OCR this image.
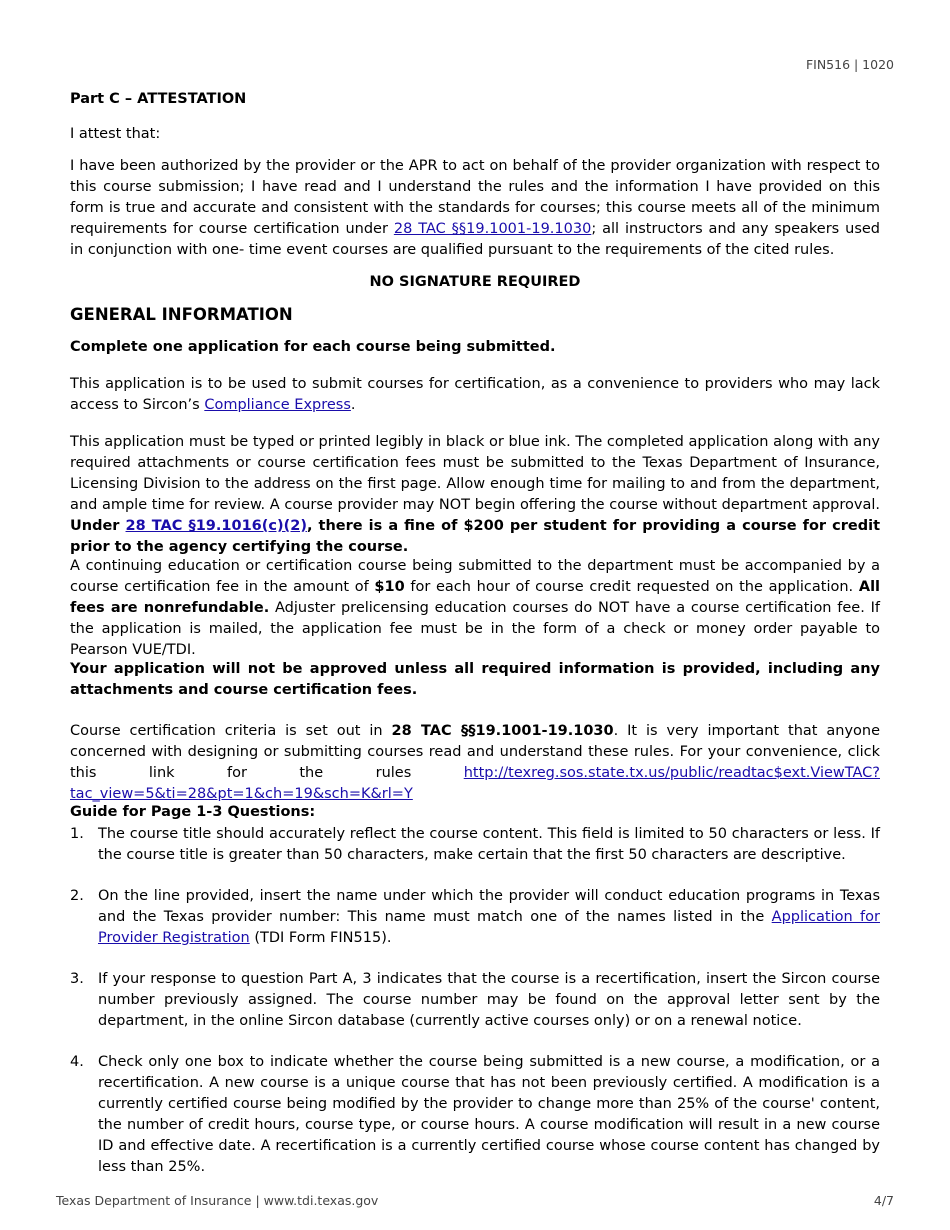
FIN516 | 1020
Part C – ATTESTATION

I attest that:

I have been authorized by the provider or the APR to act on behalf of the provider organization with respect to this course submission; I have read and I understand the rules and the information I have provided on this form is true and accurate and consistent with the standards for courses; this course meets all of the minimum requirements for course certification under 28 TAC §§19.1001-19.1030; all instructors and any speakers used in conjunction with one- time event courses are qualified pursuant to the requirements of the cited rules.

NO SIGNATURE REQUIRED

GENERAL INFORMATION

Complete one application for each course being submitted.

This application is to be used to submit courses for certification, as a convenience to providers who may lack access to Sircon’s Compliance Express.

This application must be typed or printed legibly in black or blue ink. The completed application along with any required attachments or course certification fees must be submitted to the Texas Department of Insurance, Licensing Division to the address on the first page. Allow enough time for mailing to and from the department, and ample time for review. A course provider may NOT begin offering the course without department approval. Under 28 TAC §19.1016(c)(2), there is a fine of $200 per student for providing a course for credit prior to the agency certifying the course.

A continuing education or certification course being submitted to the department must be accompanied by a course certification fee in the amount of $10 for each hour of course credit requested on the application. All fees are nonrefundable. Adjuster prelicensing education courses do NOT have a course certification fee. If the application is mailed, the application fee must be in the form of a check or money order payable to Pearson VUE/TDI.

Your application will not be approved unless all required information is provided, including any attachments and course certification fees.

Course certification criteria is set out in 28 TAC §§19.1001-19.1030. It is very important that anyone concerned with designing or submitting courses read and understand these rules. For your convenience, click this link for the rules http://texreg.sos.state.tx.us/public/readtac$ext.ViewTAC?tac_view=5&ti=28&pt=1&ch=19&sch=K&rl=Y

Guide for Page 1-3 Questions:
1. The course title should accurately reflect the course content. This field is limited to 50 characters or less. If the course title is greater than 50 characters, make certain that the first 50 characters are descriptive.
2. On the line provided, insert the name under which the provider will conduct education programs in Texas and the Texas provider number: This name must match one of the names listed in the Application for Provider Registration (TDI Form FIN515).
3. If your response to question Part A, 3 indicates that the course is a recertification, insert the Sircon course number previously assigned. The course number may be found on the approval letter sent by the department, in the online Sircon database (currently active courses only) or on a renewal notice.
4. Check only one box to indicate whether the course being submitted is a new course, a modification, or a recertification. A new course is a unique course that has not been previously certified. A modification is a currently certified course being modified by the provider to change more than 25% of the course' content, the number of credit hours, course type, or course hours. A course modification will result in a new course ID and effective date. A recertification is a currently certified course whose course content has changed by less than 25%.
Texas Department of Insurance | www.tdi.texas.gov	4/7
